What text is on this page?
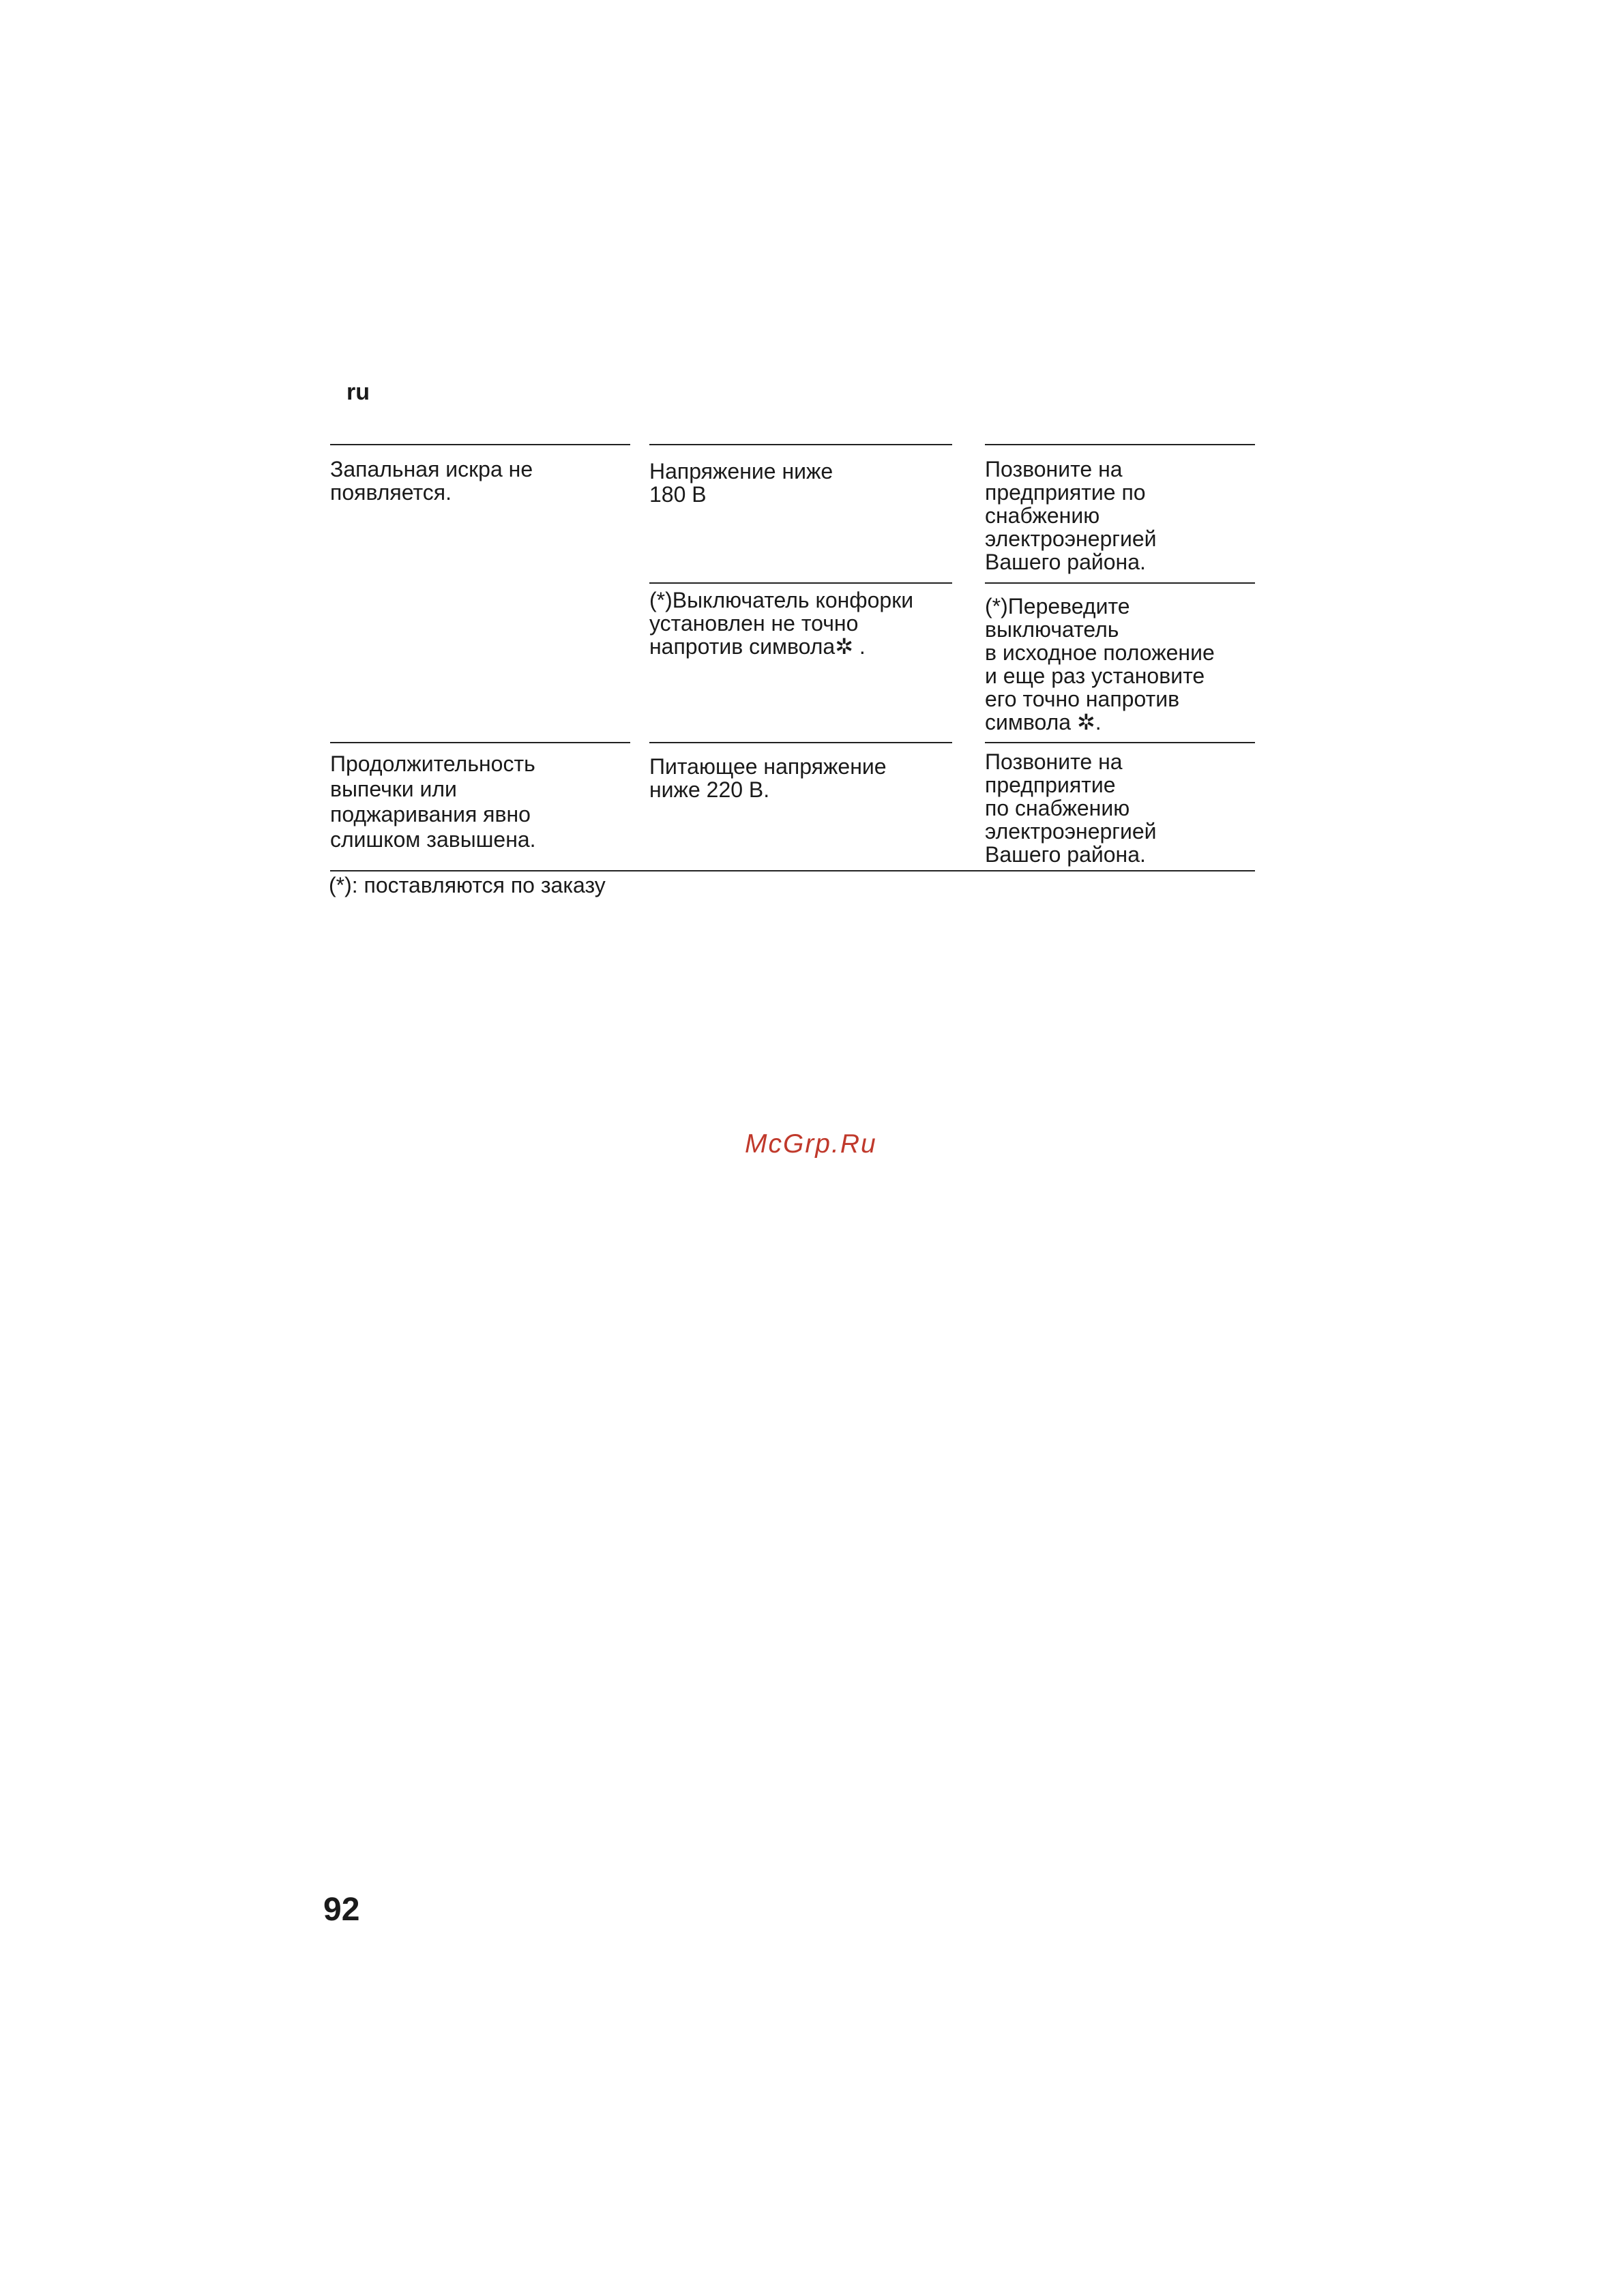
ru
Запальная искра не
появляется.
Напряжение ниже
180 В
Позвоните на
предприятие по
снабжению
электроэнергией
Вашего района.
(*)Выключатель конфорки
установлен не точно
напротив символа✲ .
(*)Переведите
выключатель
в исходное положение
и еще раз установите
его точно напротив
символа ✲.
Продолжительность
выпечки или
поджаривания явно
слишком завышена.
Питающее напряжение
ниже 220 В.
Позвоните на
предприятие
по снабжению
электроэнергией
Вашего района.
(*): поставляются по заказу
McGrp.Ru
92
